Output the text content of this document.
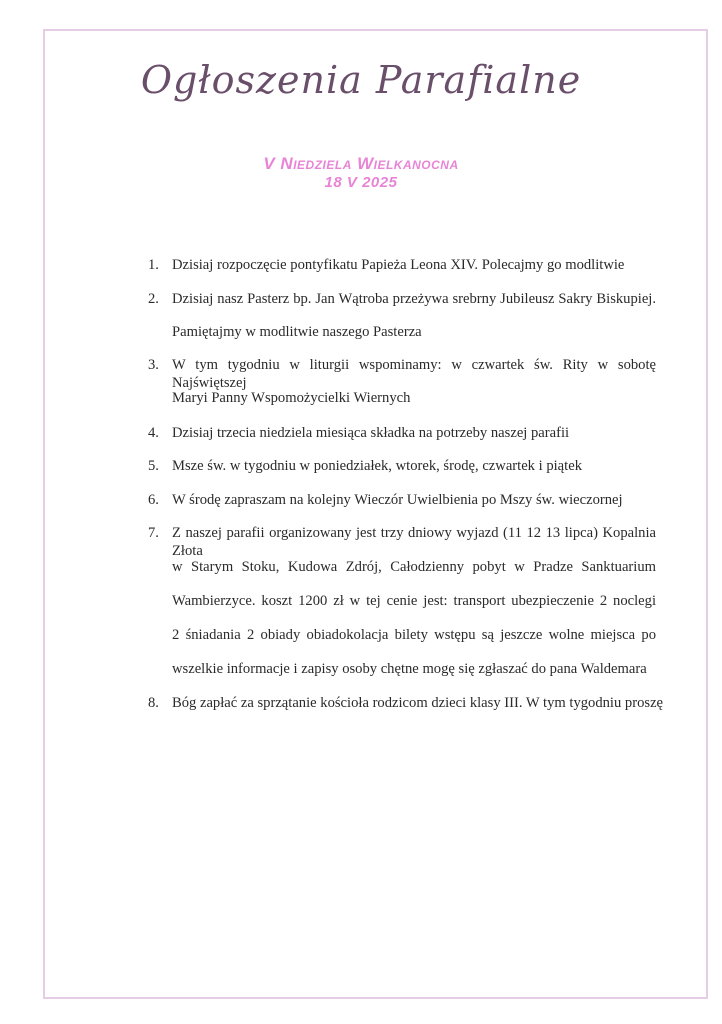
Ogłoszenia Parafialne
V Niedziela Wielkanocna
18 V 2025
1. Dzisiaj rozpoczęcie pontyfikatu Papieża Leona XIV. Polecajmy go modlitwie
2. Dzisiaj nasz Pasterz bp. Jan Wątroba przeżywa srebrny Jubileusz Sakry Biskupiej.
Pamiętajmy w modlitwie naszego Pasterza
3. W tym tygodniu w liturgii wspominamy: w czwartek św. Rity w sobotę Najświętszej
Maryi Panny Wspomożycielki Wiernych
4. Dzisiaj trzecia niedziela miesiąca składka na potrzeby naszej parafii
5. Msze św. w tygodniu w poniedziałek, wtorek, środę, czwartek i piątek
6. W środę zapraszam na kolejny Wieczór Uwielbienia po Mszy św. wieczornej
7. Z naszej parafii organizowany jest trzy dniowy wyjazd (11 12 13 lipca) Kopalnia Złota
w Starym Stoku, Kudowa Zdrój, Całodzienny pobyt w Pradze Sanktuarium
Wambierzyce. koszt 1200 zł w tej cenie jest: transport ubezpieczenie 2 noclegi
2 śniadania 2 obiady obiadokolacja bilety wstępu są jeszcze wolne miejsca po
wszelkie informacje i zapisy osoby chętne mogę się zgłaszać do pana Waldemara
8. Bóg zapłać za sprzątanie kościoła rodzicom dzieci klasy III. W tym tygodniu proszę
